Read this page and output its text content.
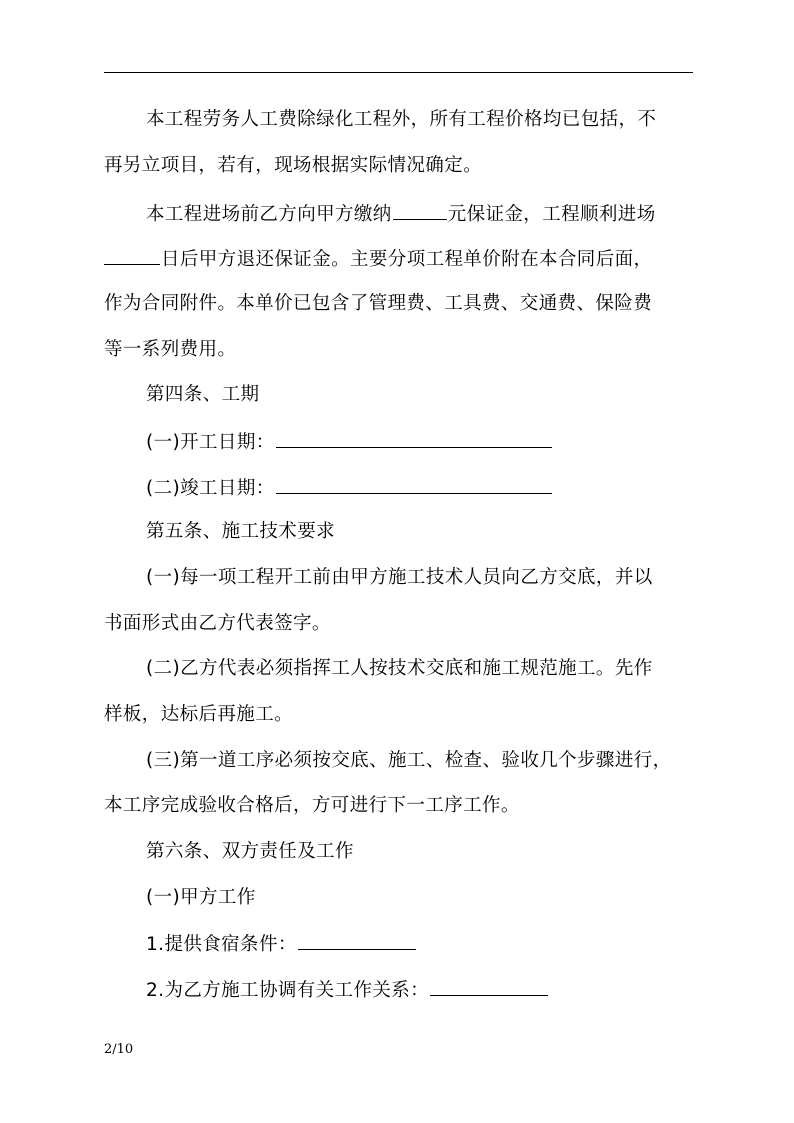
本工程劳务人工费除绿化工程外，所有工程价格均已包括，不
再另立项目，若有，现场根据实际情况确定。
本工程进场前乙方向甲方缴纳	元保证金，工程顺利进场
日后甲方退还保证金。主要分项工程单价附在本合同后面，
作为合同附件。本单价已包含了管理费、工具费、交通费、保险费
等一系列费用。
第四条、工期
(一)开工日期：
(二)竣工日期：
第五条、施工技术要求
(一)每一项工程开工前由甲方施工技术人员向乙方交底，并以
书面形式由乙方代表签字。
(二)乙方代表必须指挥工人按技术交底和施工规范施工。先作
样板，达标后再施工。
(三)第一道工序必须按交底、施工、检查、验收几个步骤进行，
本工序完成验收合格后，方可进行下一工序工作。
第六条、双方责任及工作
(一)甲方工作
1.提供食宿条件：
2.为乙方施工协调有关工作关系：
2/10
